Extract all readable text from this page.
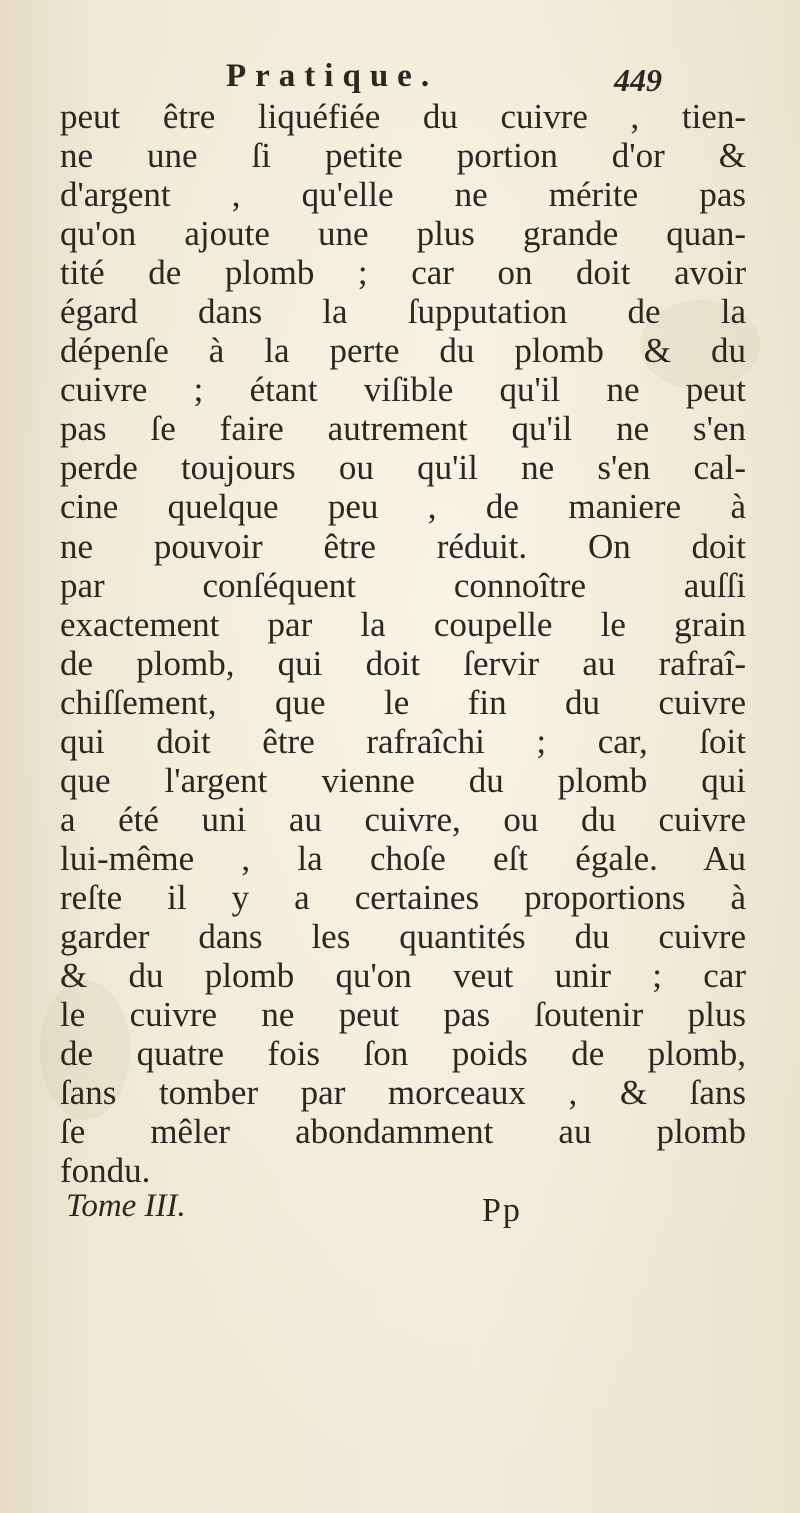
Pratique.	449
peut être liquéfiée du cuivre , tien-
ne une ſi petite portion d'or &
d'argent , qu'elle ne mérite pas
qu'on ajoute une plus grande quan-
tité de plomb ; car on doit avoir
égard dans la ſupputation de la
dépenſe à la perte du plomb & du
cuivre ; étant viſible qu'il ne peut
pas ſe faire autrement qu'il ne s'en
perde toujours ou qu'il ne s'en cal-
cine quelque peu , de maniere à
ne pouvoir être réduit. On doit
par conſéquent connoître auſſi
exactement par la coupelle le grain
de plomb, qui doit ſervir au rafraî-
chiſſement, que le fin du cuivre
qui doit être rafraîchi ; car, ſoit
que l'argent vienne du plomb qui
a été uni au cuivre, ou du cuivre
lui-même , la choſe eſt égale. Au
reſte il y a certaines proportions à
garder dans les quantités du cuivre
& du plomb qu'on veut unir ; car
le cuivre ne peut pas ſoutenir plus
de quatre fois ſon poids de plomb,
ſans tomber par morceaux , & ſans
ſe mêler abondamment au plomb
fondu.
Tome III.	Pp
